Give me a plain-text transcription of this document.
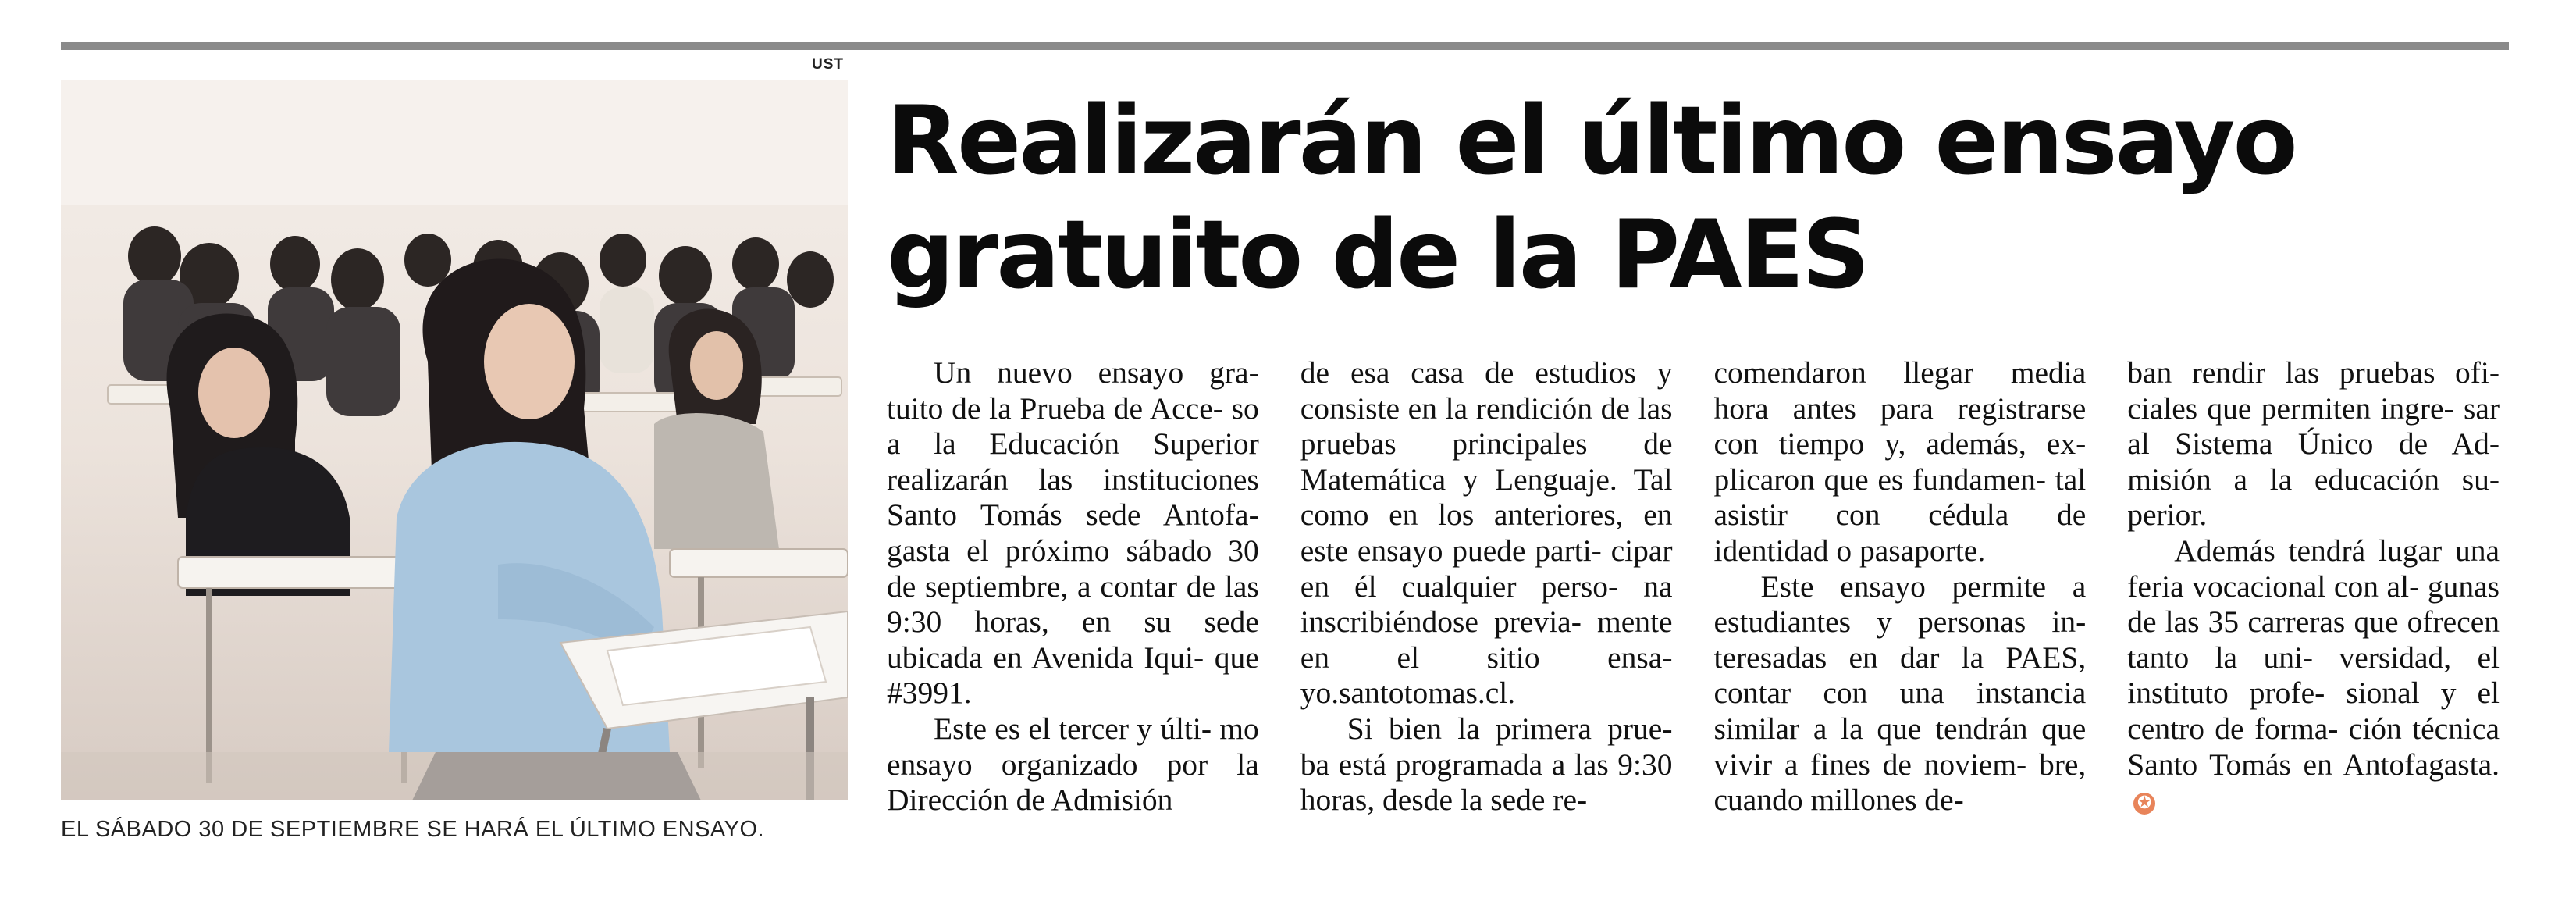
UST
EL SÁBADO 30 DE SEPTIEMBRE SE HARÁ EL ÚLTIMO ENSAYO.
Realizarán el último ensayo
gratuito de la PAES

Un nuevo ensayo gra- tuito de la Prueba de Acce- so a la Educación Superior realizarán las instituciones Santo Tomás sede Antofa- gasta el próximo sábado 30 de septiembre, a contar de las 9:30 horas, en su sede ubicada en Avenida Iqui- que #3991.

Este es el tercer y últi- mo ensayo organizado por la Dirección de Admisión

de esa casa de estudios y consiste en la rendición de las pruebas principales de Matemática y Lenguaje. Tal como en los anteriores, en este ensayo puede parti- cipar en él cualquier perso- na inscribiéndose previa- mente en el sitio ensa- yo.santotomas.cl.

Si bien la primera prue- ba está programada a las 9:30 horas, desde la sede re-

comendaron llegar media hora antes para registrarse con tiempo y, además, ex- plicaron que es fundamen- tal asistir con cédula de identidad o pasaporte.

Este ensayo permite a estudiantes y personas in- teresadas en dar la PAES, contar con una instancia similar a la que tendrán que vivir a fines de noviem- bre, cuando millones de-

ban rendir las pruebas ofi- ciales que permiten ingre- sar al Sistema Único de Ad- misión a la educación su- perior.

Además tendrá lugar una feria vocacional con al- gunas de las 35 carreras que ofrecen tanto la uni- versidad, el instituto profe- sional y el centro de forma- ción técnica Santo Tomás en Antofagasta.✪
